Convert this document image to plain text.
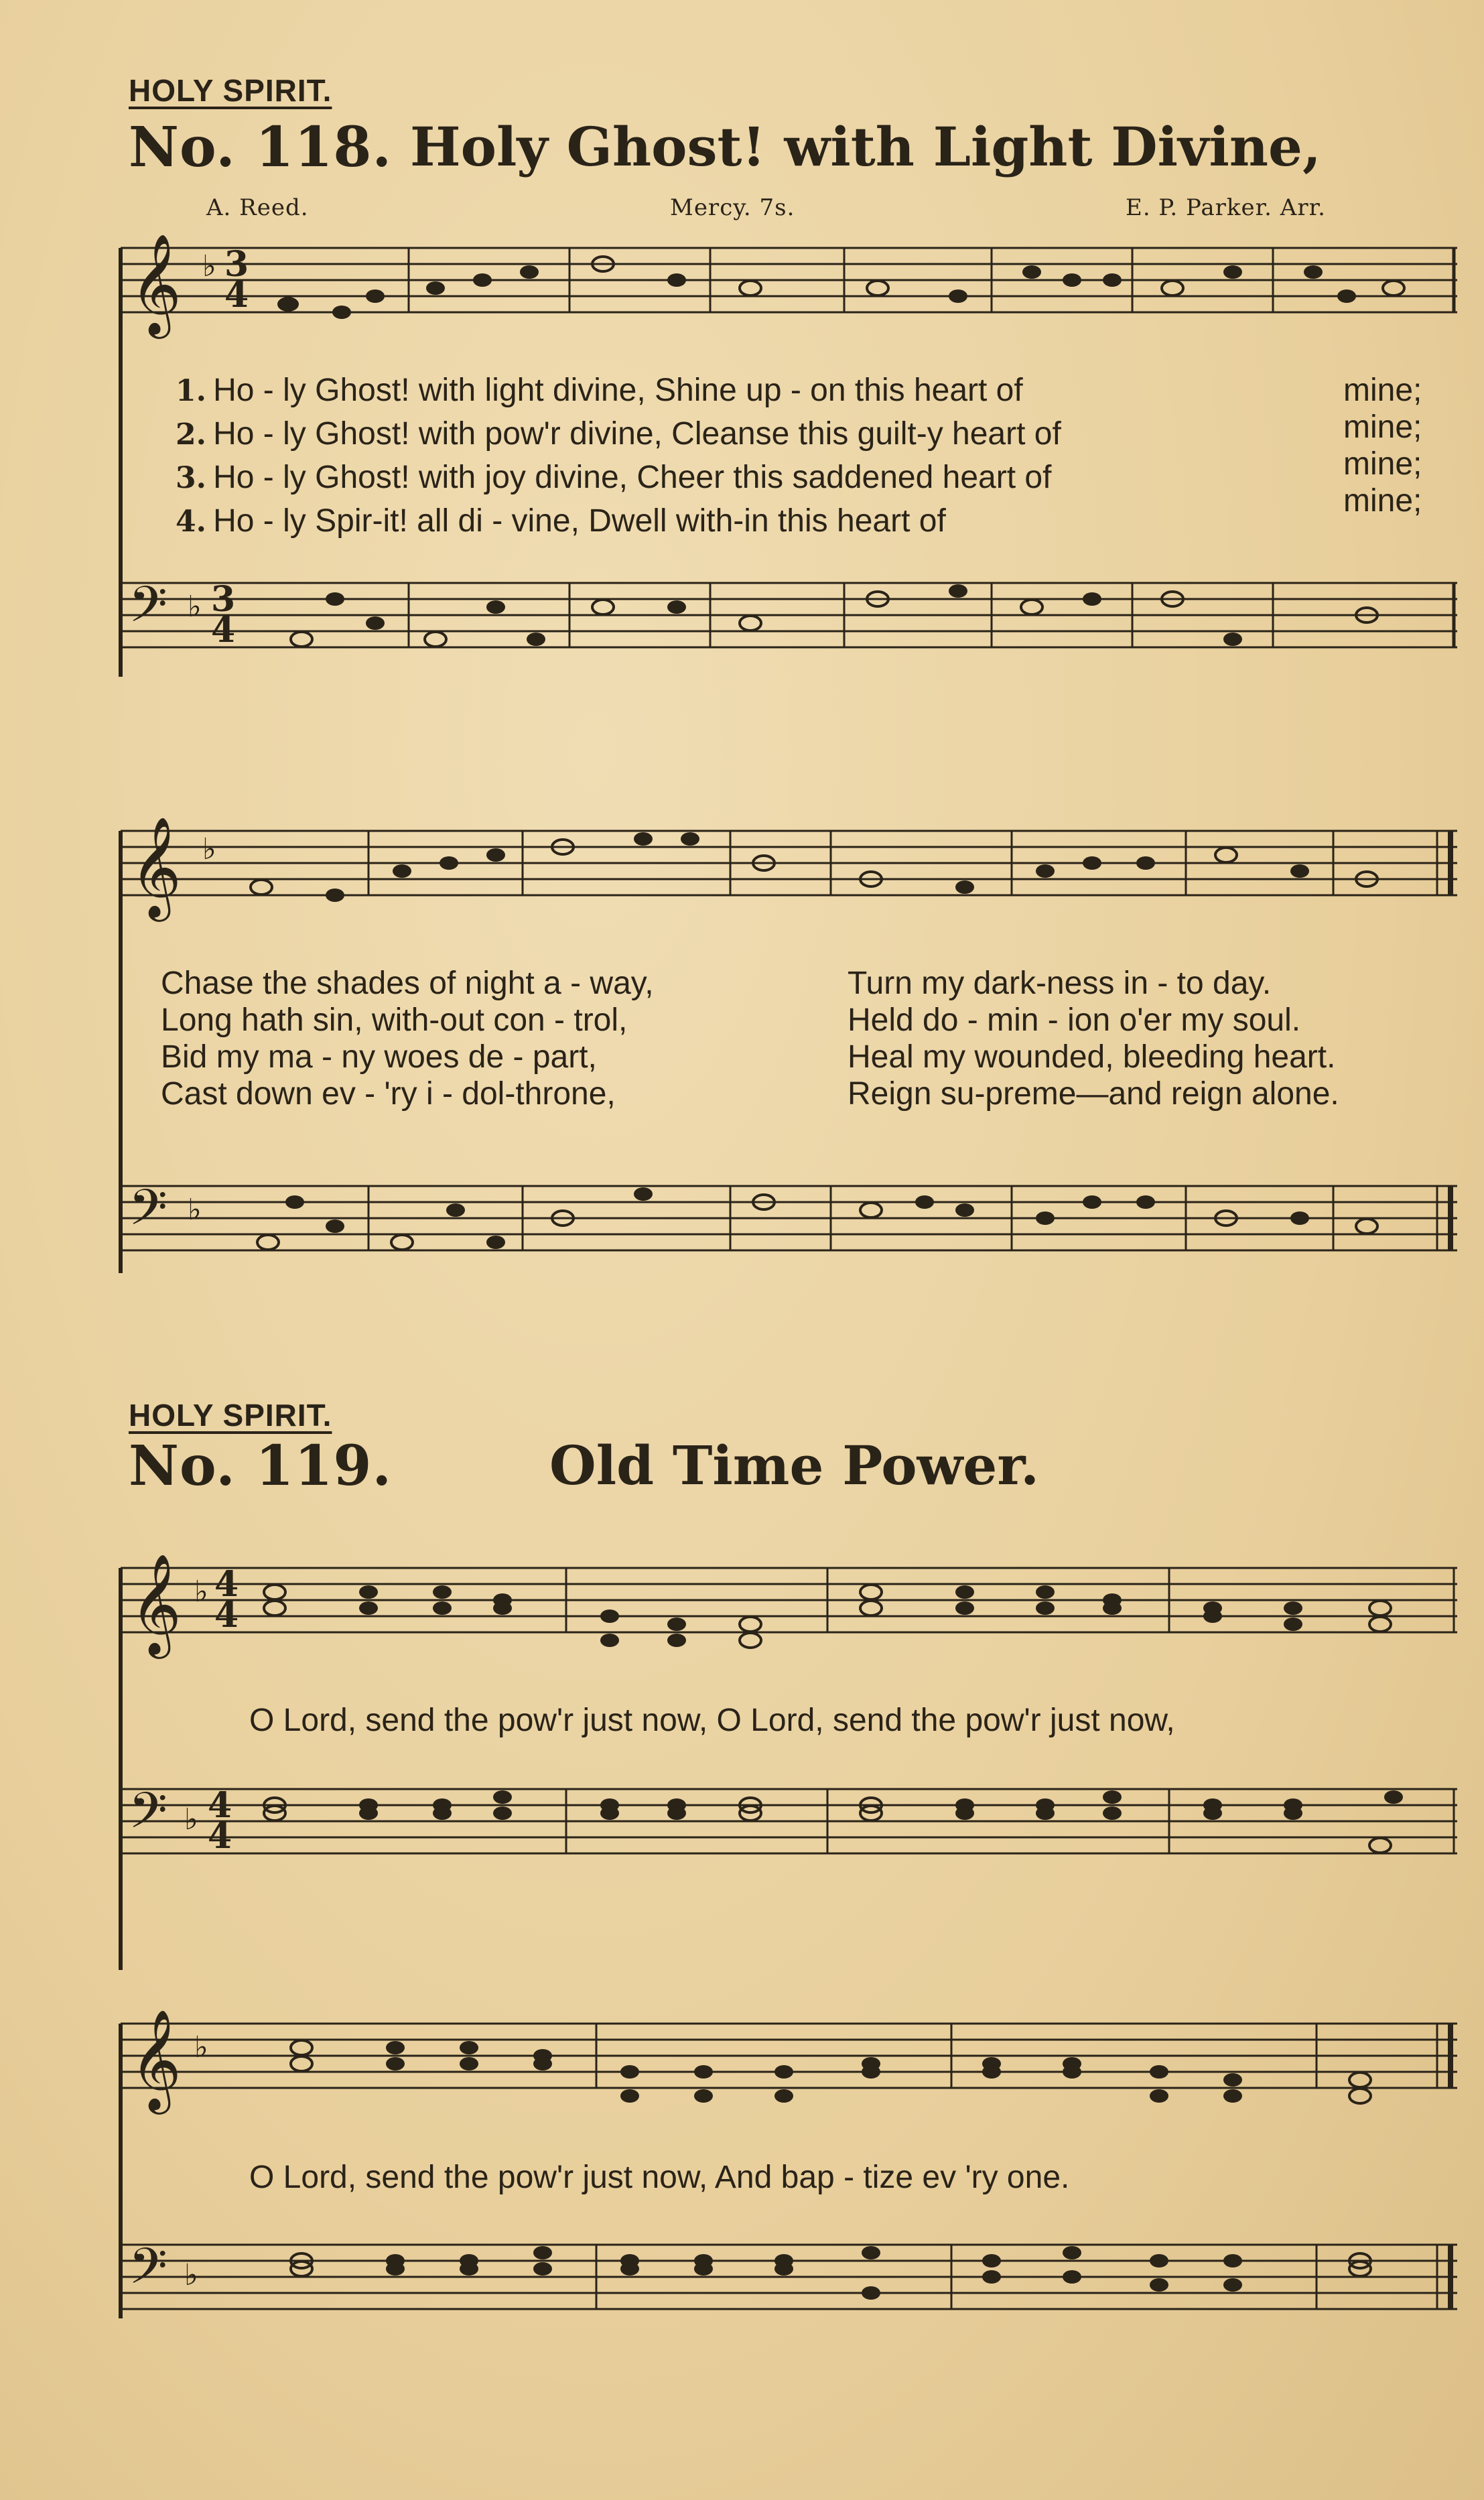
HOLY SPIRIT.
No. 118. Holy Ghost! with Light Divine,
A. Reed.	Mercy. 7s.	E. P. Parker. Arr.
𝄞 ♭ 3
4
1. Ho - ly Ghost! with light divine, Shine up - on this heart of
2. Ho - ly Ghost! with pow'r divine, Cleanse this guilt-y heart of
3. Ho - ly Ghost! with joy divine, Cheer this saddened heart of
4. Ho - ly Spir-it! all di - vine, Dwell with-in this heart of
mine;
mine;
mine;
mine;
𝄢 ♭ 3
4
𝄞 ♭
Chase the shades of night a - way,
Long hath sin, with-out con - trol,
Bid my ma - ny woes de - part,
Cast down ev - 'ry i - dol-throne,
Turn my dark-ness in - to day.
Held do - min - ion o'er my soul.
Heal my wounded, bleeding heart.
Reign su-preme—and reign alone.
𝄢 ♭
HOLY SPIRIT.
No. 119.	Old Time Power.
𝄞 ♭ 4
4
O Lord, send the pow'r just now, O Lord, send the pow'r just now,
𝄢 ♭ 4
4
𝄞 ♭
O Lord, send the pow'r just now, And bap - tize ev 'ry one.
𝄢 ♭
